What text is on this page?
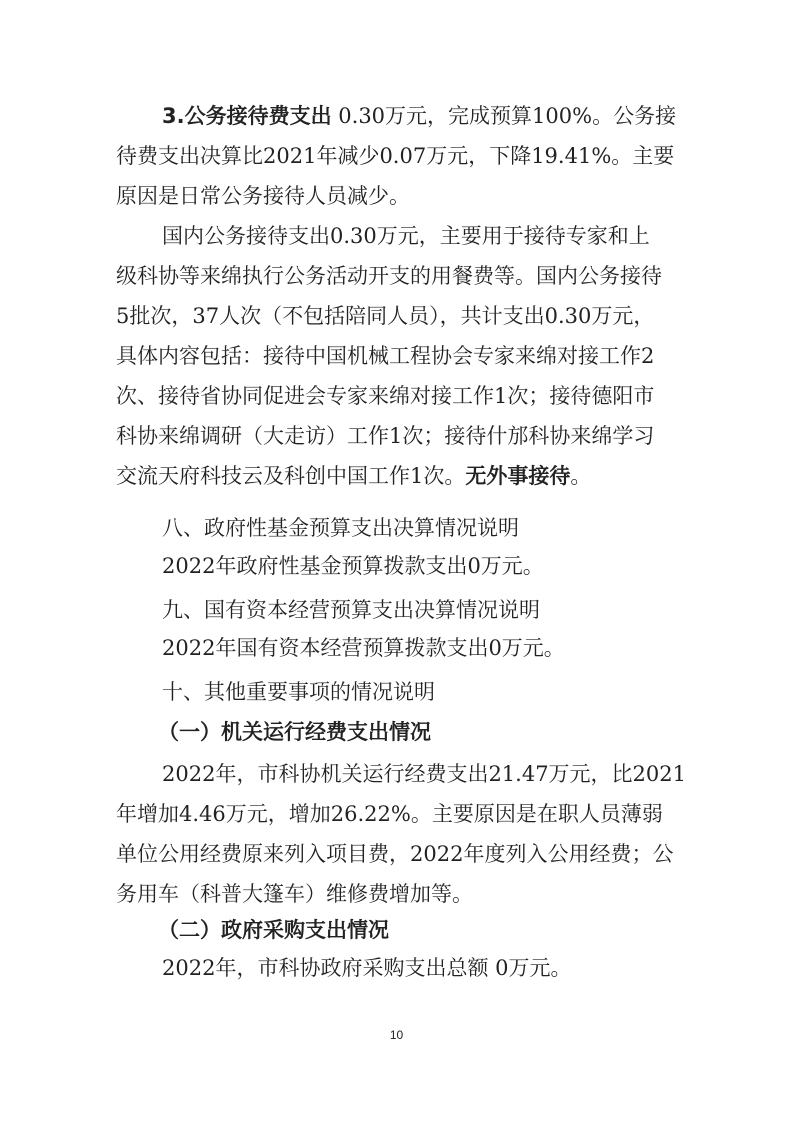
3.公务接待费支出 0.30万元，完成预算100%。公务接
待费支出决算比2021年减少0.07万元，下降19.41%。主要
原因是日常公务接待人员减少。
国内公务接待支出0.30万元，主要用于接待专家和上
级科协等来绵执行公务活动开支的用餐费等。国内公务接待
5批次，37人次（不包括陪同人员），共计支出0.30万元，
具体内容包括：接待中国机械工程协会专家来绵对接工作2
次、接待省协同促进会专家来绵对接工作1次；接待德阳市
科协来绵调研（大走访）工作1次；接待什邡科协来绵学习
交流天府科技云及科创中国工作1次。无外事接待。
八、政府性基金预算支出决算情况说明
2022年政府性基金预算拨款支出0万元。
九、国有资本经营预算支出决算情况说明
2022年国有资本经营预算拨款支出0万元。
十、其他重要事项的情况说明
（一）机关运行经费支出情况
2022年，市科协机关运行经费支出21.47万元，比2021
年增加4.46万元，增加26.22%。主要原因是在职人员薄弱
单位公用经费原来列入项目费，2022年度列入公用经费；公
务用车（科普大篷车）维修费增加等。
（二）政府采购支出情况
2022年，市科协政府采购支出总额 0万元。
10
